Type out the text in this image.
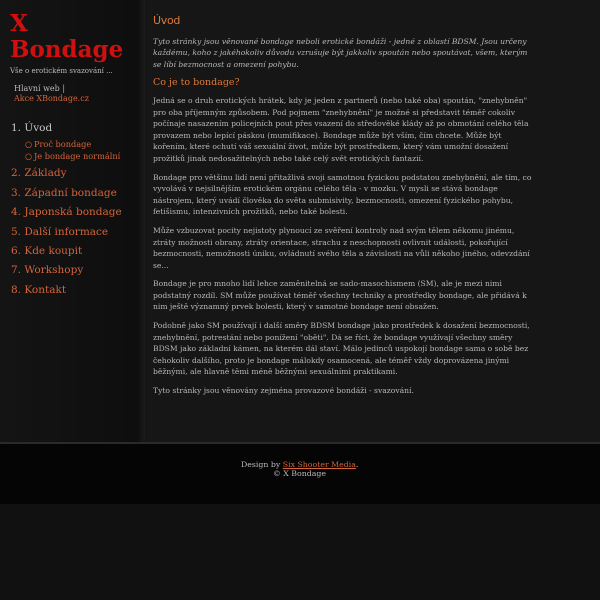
X
Bondage
Vše o erotickém svazování ...
Hlavní web |
Akce XBondage.cz
1. Úvod
○ Proč bondage
○ Je bondage normální
2. Základy
3. Západní bondage
4. Japonská bondage
5. Další informace
6. Kde koupit
7. Workshopy
8. Kontakt
Úvod

Tyto stránky jsou věnované bondage neboli erotické bondáži - jedné z oblastí BDSM. Jsou určeny každému, koho z jakéhokoliv důvodu vzrušuje být jakkoliv spoután nebo spoutávat, všem, kterým se líbí bezmocnost a omezení pohybu.

Co je to bondage?

Jedná se o druh erotických hrátek, kdy je jeden z partnerů (nebo také oba) spoután, "znehybněn" pro oba příjemným způsobem. Pod pojmem "znehybnění" je možné si představit téměř cokoliv počínaje nasazením policejních pout přes vsazení do středověké klády až po obmotání celého těla provazem nebo lepící páskou (mumifikace). Bondage může být vším, čím chcete. Může být kořením, které ochutí váš sexuální život, může být prostředkem, který vám umožní dosažení prožitků jinak nedosažitelných nebo také celý svět erotických fantazií.

Bondage pro většinu lidí není přitažlivá svoji samotnou fyzickou podstatou znehybnění, ale tím, co vyvolává v nejsilnějším erotickém orgánu celého těla - v mozku. V mysli se stává bondage nástrojem, který uvádí člověka do světa submisivity, bezmocnosti, omezení fyzického pohybu, fetišismu, intenzivních prožitků, nebo také bolesti.

Může vzbuzovat pocity nejistoty plynoucí ze svěření kontroly nad svým tělem někomu jinému, ztráty možnosti obrany, ztráty orientace, strachu z neschopnosti ovlivnit události, pokořující bezmocnosti, nemožnosti úniku, ovládnutí svého těla a závislosti na vůli někoho jiného, odevzdání se...

Bondage je pro mnoho lidí lehce zaměnitelná se sado-masochismem (SM), ale je mezi nimi podstatný rozdíl. SM může používat téměř všechny techniky a prostředky bondage, ale přidává k nim ještě významný prvek bolesti, který v samotné bondage není obsažen.

Podobně jako SM používají i další směry BDSM bondage jako prostředek k dosažení bezmocnosti, znehybnění, potrestání nebo ponížení "oběti". Dá se říct, že bondage využívají všechny směry BDSM jako základní kámen, na kterém dál staví. Málo jedinců uspokojí bondage sama o sobě bez čehokoliv dalšího, proto je bondage málokdy osamocená, ale téměř vždy doprovázena jinými běžnými, ale hlavně těmi méně běžnými sexuálními praktikami.

Tyto stránky jsou věnovány zejména provazové bondáži - svazování.

Design by Six Shooter Media.
© X Bondage
